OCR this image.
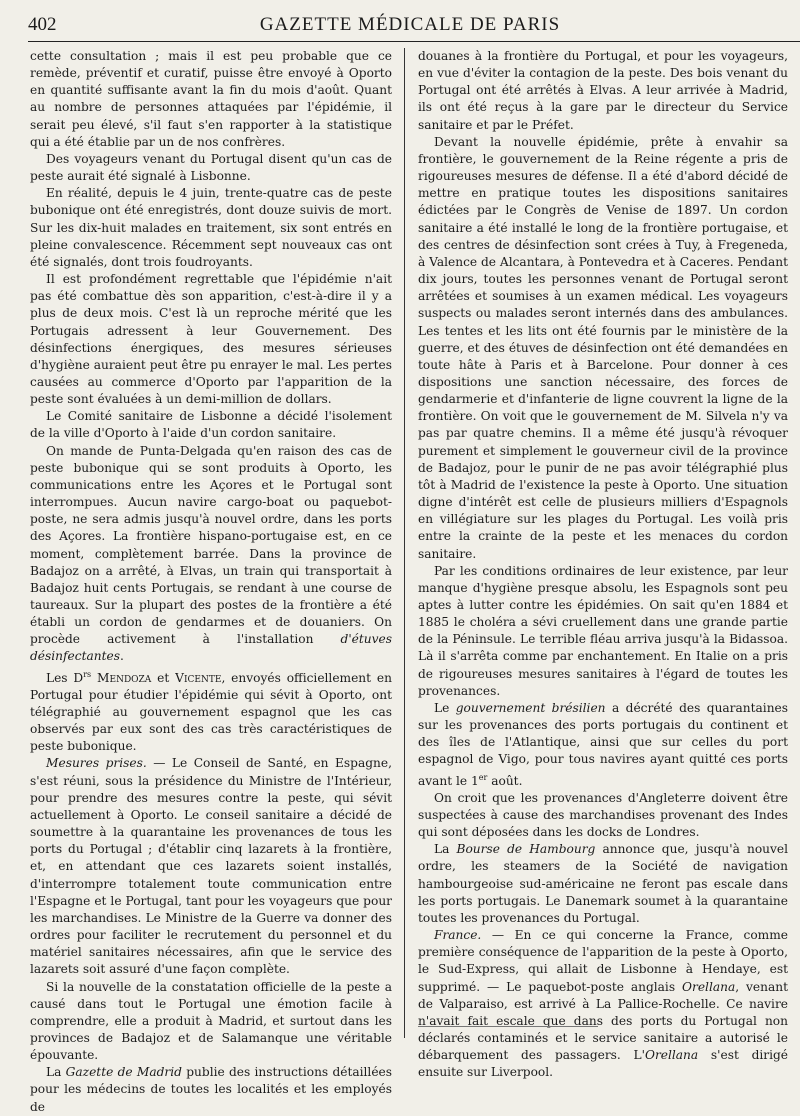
402	GAZETTE MÉDICALE DE PARIS

cette consultation ; mais il est peu probable que ce remède, préventif et curatif, puisse être envoyé à Oporto en quantité suffisante avant la fin du mois d'août. Quant au nombre de personnes attaquées par l'épidémie, il serait peu élevé, s'il faut s'en rapporter à la statistique qui a été établie par un de nos confrères.

Des voyageurs venant du Portugal disent qu'un cas de peste aurait été signalé à Lisbonne.

En réalité, depuis le 4 juin, trente-quatre cas de peste bubonique ont été enregistrés, dont douze suivis de mort. Sur les dix-huit malades en traitement, six sont entrés en pleine convalescence. Récemment sept nouveaux cas ont été signalés, dont trois foudroyants.

Il est profondément regrettable que l'épidémie n'ait pas été combattue dès son apparition, c'est-à-dire il y a plus de deux mois. C'est là un reproche mérité que les Portugais adressent à leur Gouvernement. Des désinfections énergiques, des mesures sérieuses d'hygiène auraient peut être pu enrayer le mal. Les pertes causées au commerce d'Oporto par l'apparition de la peste sont évaluées à un demi-million de dollars.

Le Comité sanitaire de Lisbonne a décidé l'isolement de la ville d'Oporto à l'aide d'un cordon sanitaire.

On mande de Punta-Delgada qu'en raison des cas de peste bubonique qui se sont produits à Oporto, les communications entre les Açores et le Portugal sont interrompues. Aucun navire cargo-boat ou paquebot-poste, ne sera admis jusqu'à nouvel ordre, dans les ports des Açores. La frontière hispano-portugaise est, en ce moment, complètement barrée. Dans la province de Badajoz on a arrêté, à Elvas, un train qui transportait à Badajoz huit cents Portugais, se rendant à une course de taureaux. Sur la plupart des postes de la frontière a été établi un cordon de gendarmes et de douaniers. On procède activement à l'installation d'étuves désinfectantes.

Les $D^{rs}$ Mendoza et Vicente, envoyés officiellement en Portugal pour étudier l'épidémie qui sévit à Oporto, ont télégraphié au gouvernement espagnol que les cas observés par eux sont des cas très caractéristiques de peste bubonique.

Mesures prises. — Le Conseil de Santé, en Espagne, s'est réuni, sous la présidence du Ministre de l'Intérieur, pour prendre des mesures contre la peste, qui sévit actuellement à Oporto. Le conseil sanitaire a décidé de soumettre à la quarantaine les provenances de tous les ports du Portugal ; d'établir cinq lazarets à la frontière, et, en attendant que ces lazarets soient installés, d'interrompre totalement toute communication entre l'Espagne et le Portugal, tant pour les voyageurs que pour les marchandises. Le Ministre de la Guerre va donner des ordres pour faciliter le recrutement du personnel et du matériel sanitaires nécessaires, afin que le service des lazarets soit assuré d'une façon complète.

Si la nouvelle de la constatation officielle de la peste a causé dans tout le Portugal une émotion facile à comprendre, elle a produit à Madrid, et surtout dans les provinces de Badajoz et de Salamanque une véritable épouvante.

La Gazette de Madrid publie des instructions détaillées pour les médecins de toutes les localités et les employés de

douanes à la frontière du Portugal, et pour les voyageurs, en vue d'éviter la contagion de la peste. Des bois venant du Portugal ont été arrêtés à Elvas. A leur arrivée à Madrid, ils ont été reçus à la gare par le directeur du Service sanitaire et par le Préfet.

Devant la nouvelle épidémie, prête à envahir sa frontière, le gouvernement de la Reine régente a pris de rigoureuses mesures de défense. Il a été d'abord décidé de mettre en pratique toutes les dispositions sanitaires édictées par le Congrès de Venise de 1897. Un cordon sanitaire a été installé le long de la frontière portugaise, et des centres de désinfection sont crées à Tuy, à Fregeneda, à Valence de Alcantara, à Pontevedra et à Caceres. Pendant dix jours, toutes les personnes venant de Portugal seront arrêtées et soumises à un examen médical. Les voyageurs suspects ou malades seront internés dans des ambulances. Les tentes et les lits ont été fournis par le ministère de la guerre, et des étuves de désinfection ont été demandées en toute hâte à Paris et à Barcelone. Pour donner à ces dispositions une sanction nécessaire, des forces de gendarmerie et d'infanterie de ligne couvrent la ligne de la frontière. On voit que le gouvernement de M. Silvela n'y va pas par quatre chemins. Il a même été jusqu'à révoquer purement et simplement le gouverneur civil de la province de Badajoz, pour le punir de ne pas avoir télégraphié plus tôt à Madrid de l'existence la peste à Oporto. Une situation digne d'intérêt est celle de plusieurs milliers d'Espagnols en villégiature sur les plages du Portugal. Les voilà pris entre la crainte de la peste et les menaces du cordon sanitaire.

Par les conditions ordinaires de leur existence, par leur manque d'hygiène presque absolu, les Espagnols sont peu aptes à lutter contre les épidémies. On sait qu'en 1884 et 1885 le choléra a sévi cruellement dans une grande partie de la Péninsule. Le terrible fléau arriva jusqu'à la Bidassoa. Là il s'arrêta comme par enchantement. En Italie on a pris de rigoureuses mesures sanitaires à l'égard de toutes les provenances.

Le gouvernement brésilien a décrété des quarantaines sur les provenances des ports portugais du continent et des îles de l'Atlantique, ainsi que sur celles du port espagnol de Vigo, pour tous navires ayant quitté ces ports avant le 1er août.

On croit que les provenances d'Angleterre doivent être suspectées à cause des marchandises provenant des Indes qui sont déposées dans les docks de Londres.

La Bourse de Hambourg annonce que, jusqu'à nouvel ordre, les steamers de la Société de navigation hambourgeoise sud-américaine ne feront pas escale dans les ports portugais. Le Danemark soumet à la quarantaine toutes les provenances du Portugal.

France. — En ce qui concerne la France, comme première conséquence de l'apparition de la peste à Oporto, le Sud-Express, qui allait de Lisbonne à Hendaye, est supprimé. — Le paquebot-poste anglais Orellana, venant de Valparaiso, est arrivé à La Pallice-Rochelle. Ce navire n'avait fait escale que dans des ports du Portugal non déclarés contaminés et le service sanitaire a autorisé le débarquement des passagers. L'Orellana s'est dirigé ensuite sur Liverpool.
